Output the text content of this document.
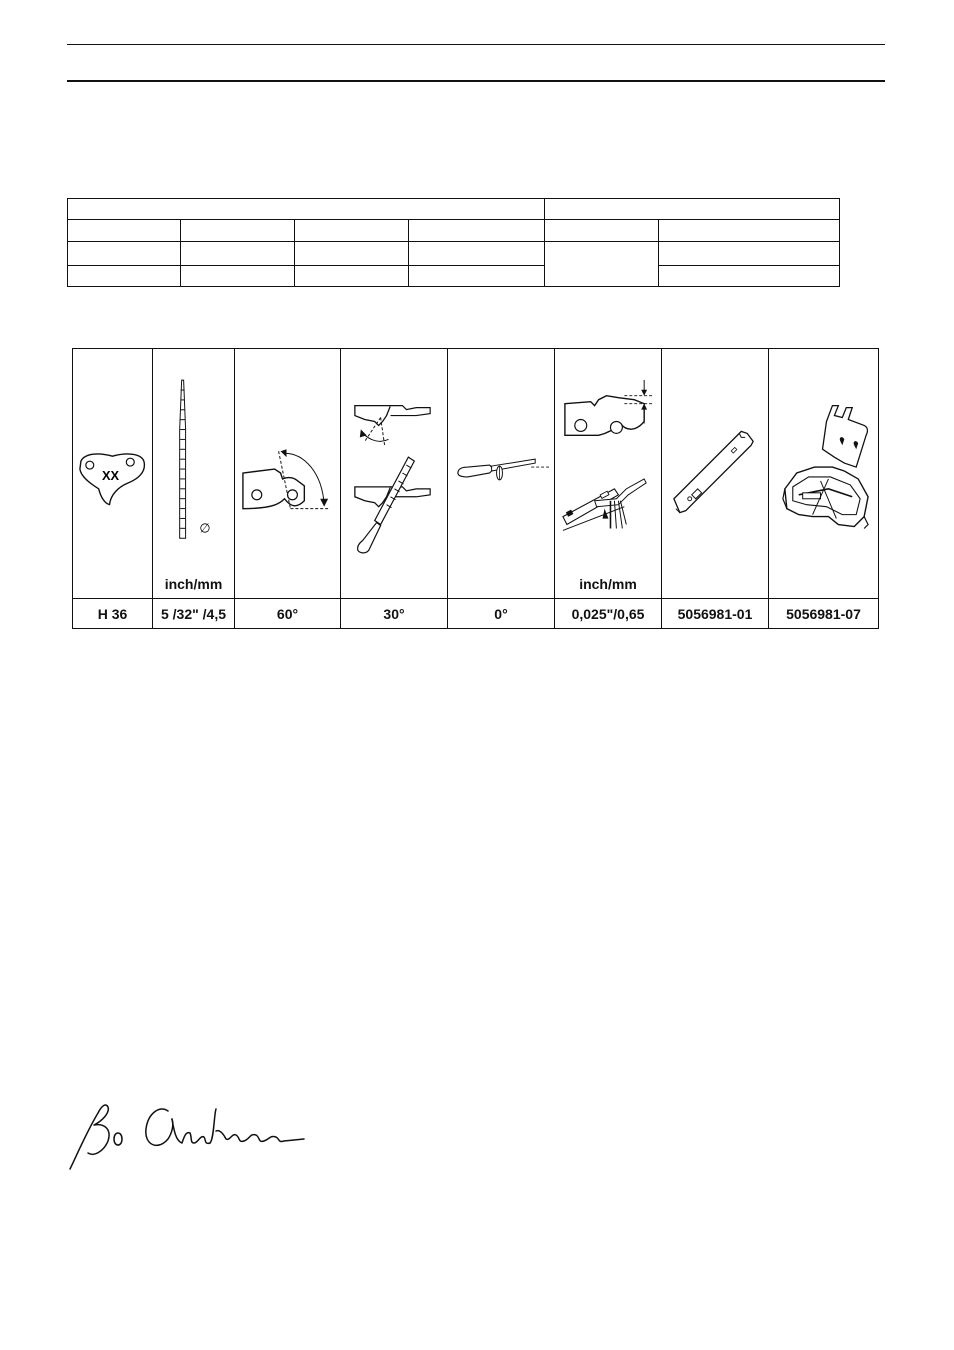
XX	∅
inch/mm				inch/mm

H 36	5 /32" /4,5	60°	30°	0°	0,025"/0,65	5056981-01	5056981-07
